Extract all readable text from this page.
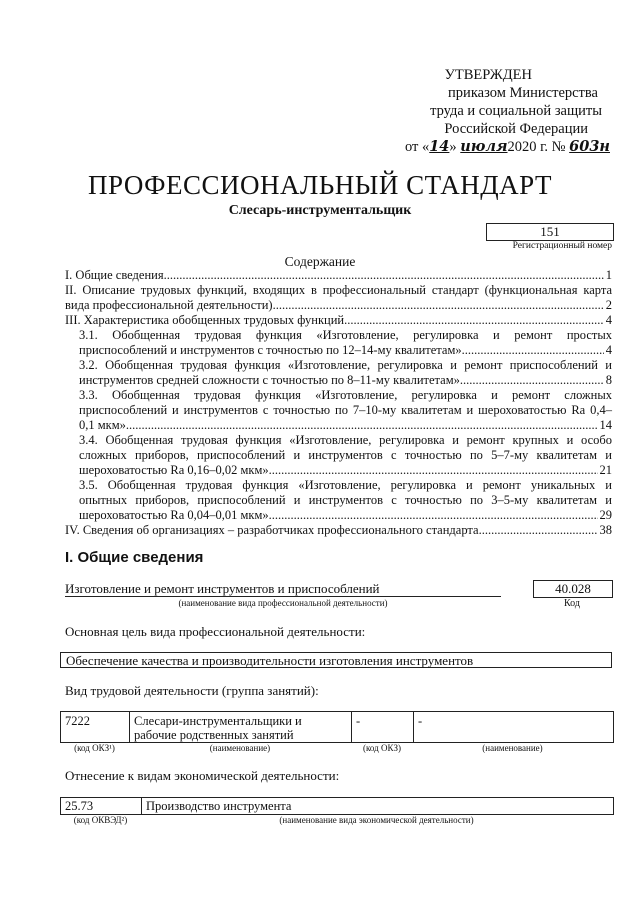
УТВЕРЖДЕН
приказом Министерства
труда и социальной защиты
Российской Федерации
от «14» июля2020 г. № 603н
ПРОФЕССИОНАЛЬНЫЙ СТАНДАРТ
Слесарь-инструментальщик
151
Регистрационный номер
Содержание
I. Общие сведения .....	1
II. Описание трудовых функций, входящих в профессиональный стандарт (функциональная карта
вида профессиональной деятельности) .....	2
III. Характеристика обобщенных трудовых функций .....	4
3.1. Обобщенная трудовая функция «Изготовление, регулировка и ремонт простых
приспособлений и инструментов с точностью по 12–14-му квалитетам» .....	4
3.2. Обобщенная трудовая функция «Изготовление, регулировка и ремонт приспособлений и
инструментов средней сложности с точностью по 8–11-му квалитетам» .....	8
3.3. Обобщенная трудовая функция «Изготовление, регулировка и ремонт сложных
приспособлений и инструментов с точностью по 7–10-му квалитетам и шероховатостью Ra 0,4–
0,1 мкм» .....	14
3.4. Обобщенная трудовая функция «Изготовление, регулировка и ремонт крупных и особо
сложных приборов, приспособлений и инструментов с точностью по 5–7-му квалитетам и
шероховатостью Ra 0,16–0,02 мкм» .....	21
3.5. Обобщенная трудовая функция «Изготовление, регулировка и ремонт уникальных и
опытных приборов, приспособлений и инструментов с точностью по 3–5-му квалитетам и
шероховатостью Ra 0,04–0,01 мкм» .....	29
IV. Сведения об организациях – разработчиках профессионального стандарта .....	38
I. Общие сведения
Изготовление и ремонт инструментов и приспособлений
(наименование вида профессиональной деятельности)
40.028
Код
Основная цель вида профессиональной деятельности:
Обеспечение качества и производительности изготовления инструментов
Вид трудовой деятельности (группа занятий):
7222	Слесари-инструментальщики и
рабочие родственных занятий
-	-
(код ОКЗ¹)	(наименование)	(код ОКЗ)	(наименование)
Отнесение к видам экономической деятельности:
25.73	Производство инструмента
(код ОКВЭД²)	(наименование вида экономической деятельности)
